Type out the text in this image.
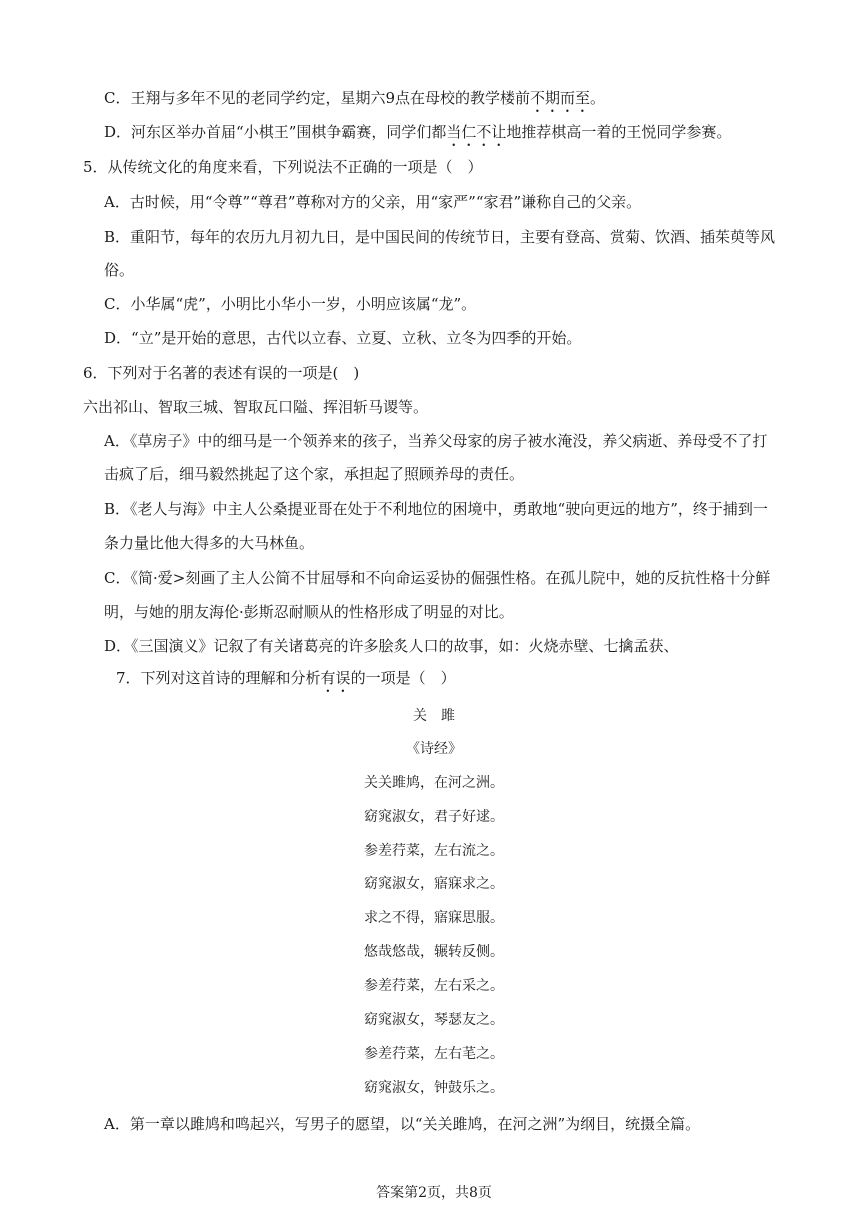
C．王翔与多年不见的老同学约定，星期六9点在母校的教学楼前不期而至。
D．河东区举办首届“小棋王”围棋争霸赛，同学们都当仁不让地推荐棋高一着的王悦同学参赛。
5．从传统文化的角度来看，下列说法不正确的一项是（　）
A．古时候，用“令尊”“尊君”尊称对方的父亲，用“家严”“家君”谦称自己的父亲。
B．重阳节，每年的农历九月初九日，是中国民间的传统节日，主要有登高、赏菊、饮酒、插茱萸等风
俗。
C．小华属“虎”，小明比小华小一岁，小明应该属“龙”。
D．“立”是开始的意思，古代以立春、立夏、立秋、立冬为四季的开始。
6．下列对于名著的表述有误的一项是(　)
六出祁山、智取三城、智取瓦口隘、挥泪斩马谡等。
A．《草房子》中的细马是一个领养来的孩子，当养父母家的房子被水淹没，养父病逝、养母受不了打
击疯了后，细马毅然挑起了这个家，承担起了照顾养母的责任。
B．《老人与海》中主人公桑提亚哥在处于不利地位的困境中，勇敢地“驶向更远的地方”，终于捕到一
条力量比他大得多的大马林鱼。
C．《简·爱>刻画了主人公简不甘屈辱和不向命运妥协的倔强性格。在孤儿院中，她的反抗性格十分鲜
明，与她的朋友海伦·彭斯忍耐顺从的性格形成了明显的对比。
D．《三国演义》记叙了有关诸葛亮的许多脍炙人口的故事，如：火烧赤壁、七擒孟获、
7．下列对这首诗的理解和分析有误的一项是（　）
关　雎
《诗经》
关关雎鸠，在河之洲。
窈窕淑女，君子好逑。
参差荇菜，左右流之。
窈窕淑女，寤寐求之。
求之不得，寤寐思服。
悠哉悠哉，辗转反侧。
参差荇菜，左右采之。
窈窕淑女，琴瑟友之。
参差荇菜，左右芼之。
窈窕淑女，钟鼓乐之。
A．第一章以雎鸠和鸣起兴，写男子的愿望，以“关关雎鸠，在河之洲”为纲目，统摄全篇。
答案第2页，共8页
